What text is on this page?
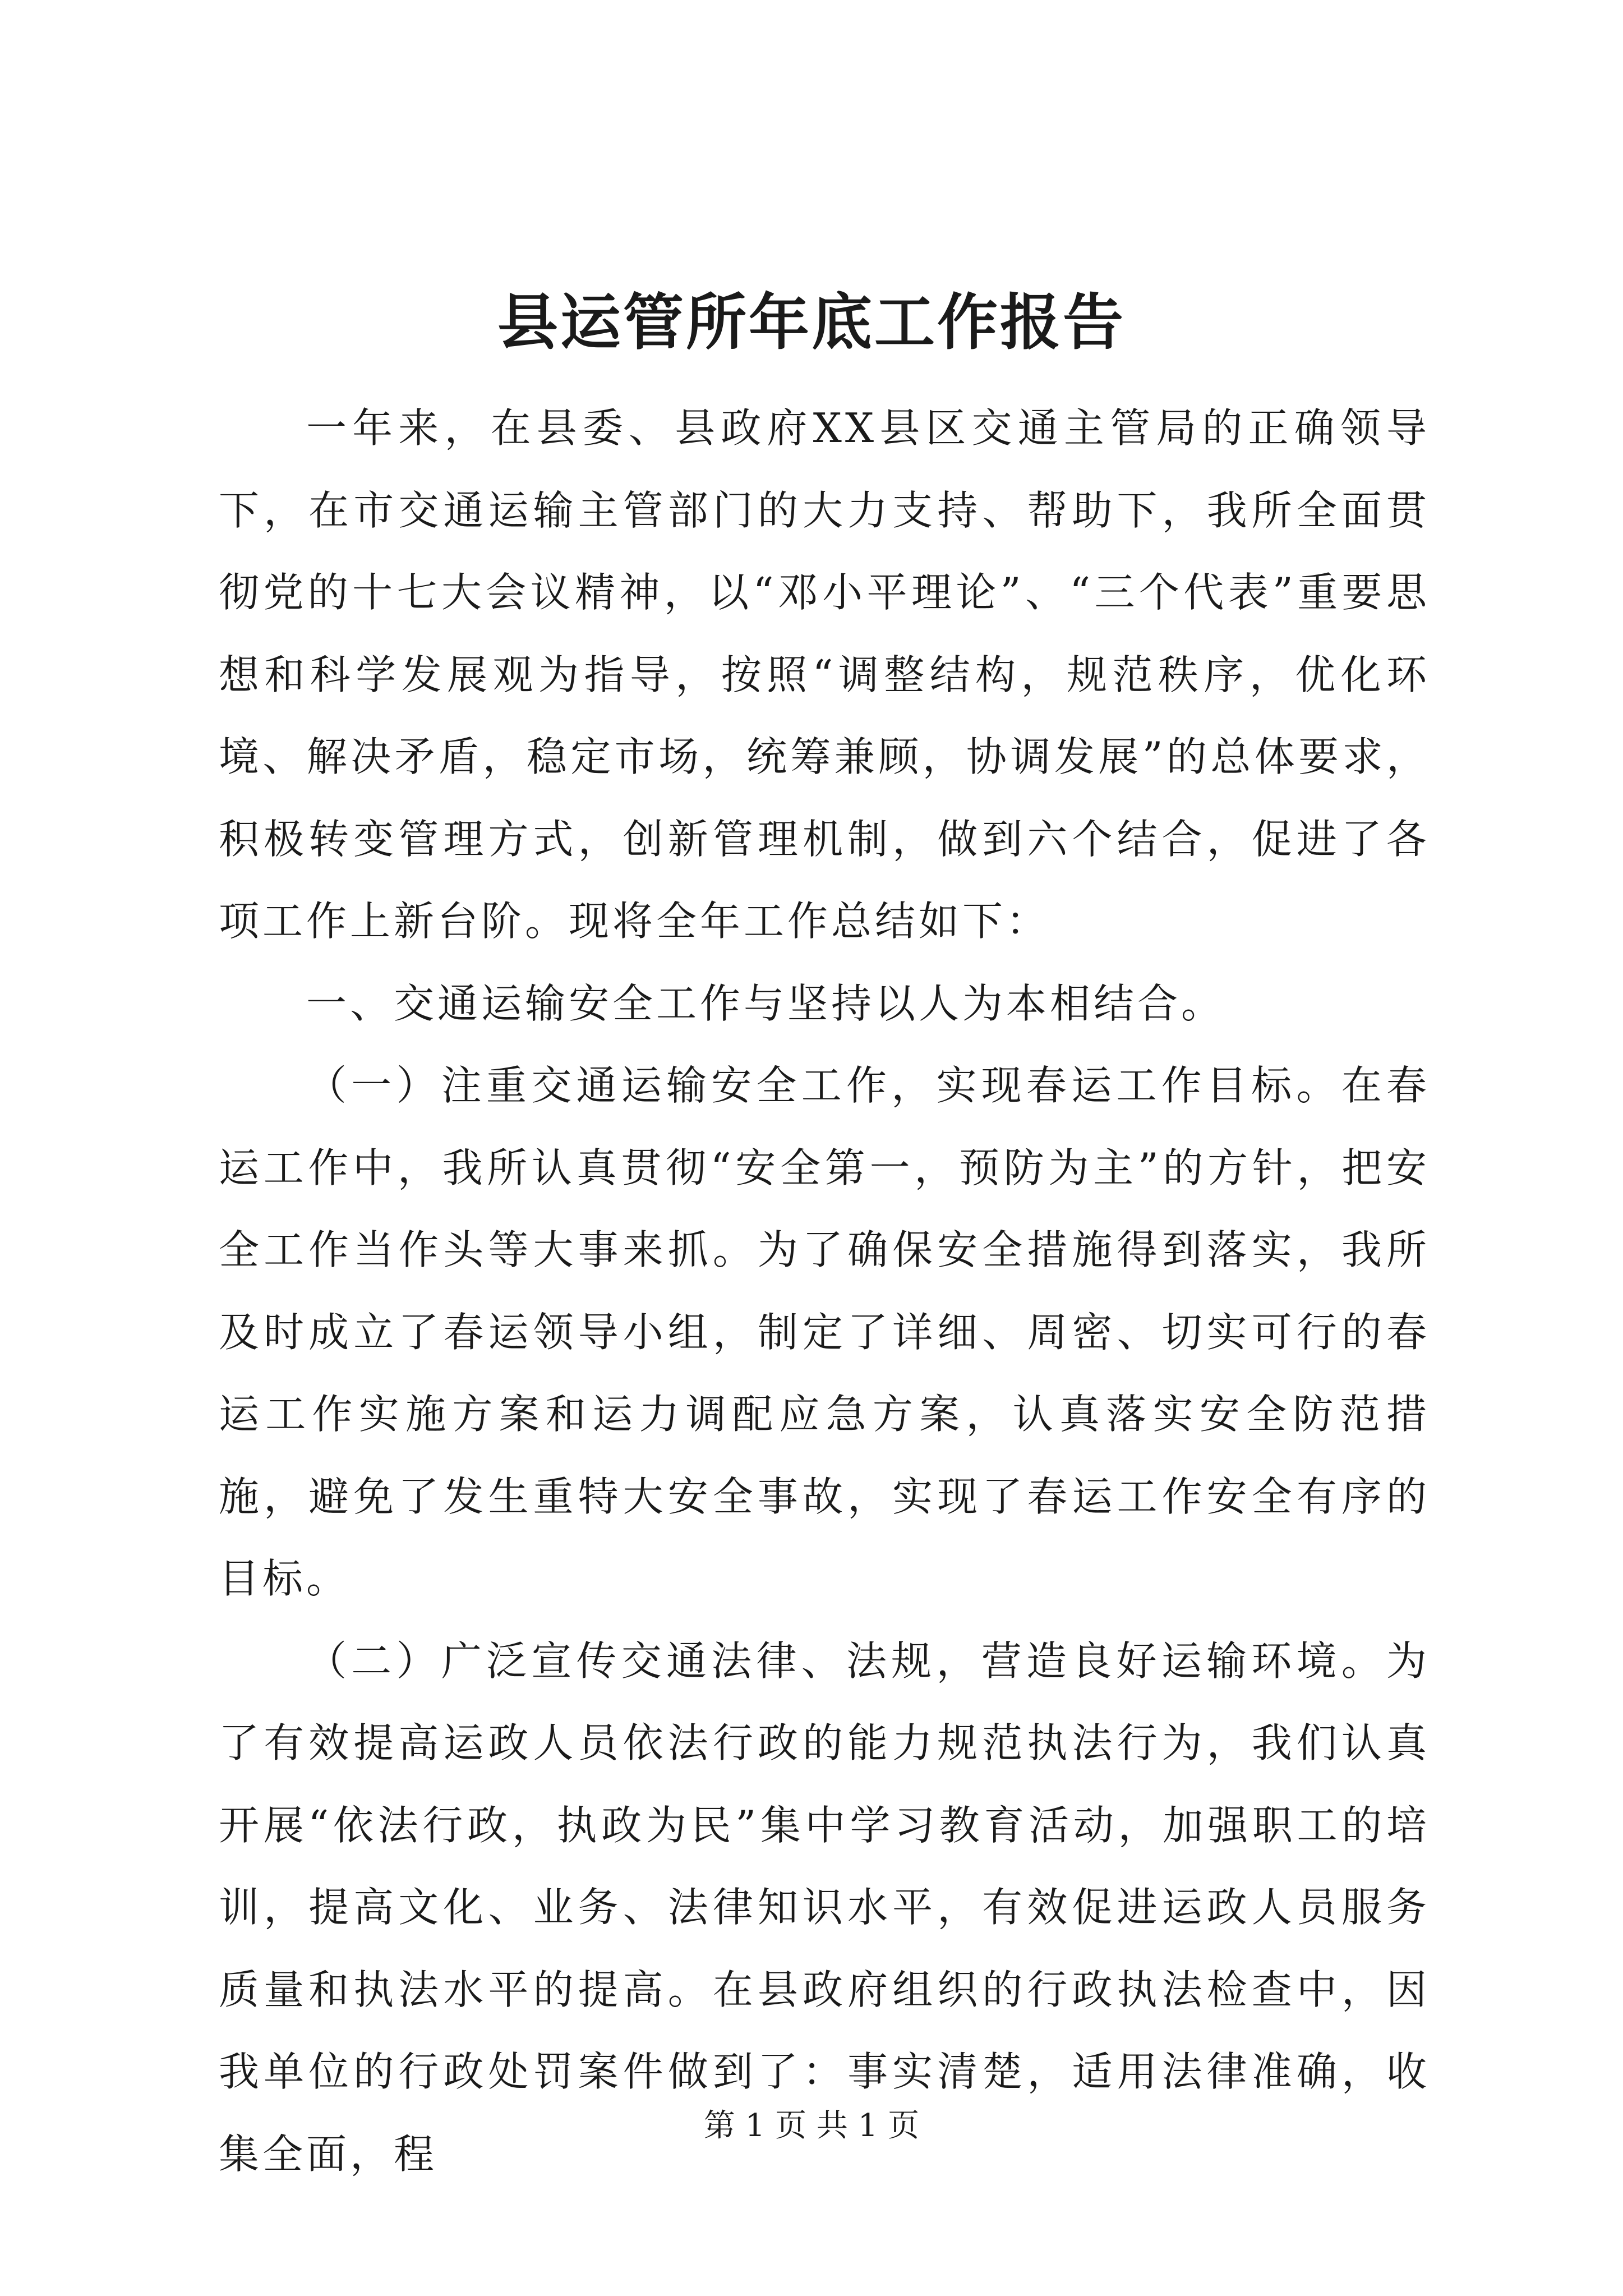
县运管所年底工作报告

一年来，在县委、县政府XX县区交通主管局的正确领导下，在市交通运输主管部门的大力支持、帮助下，我所全面贯彻党的十七大会议精神，以“邓小平理论”、“三个代表”重要思想和科学发展观为指导，按照“调整结构，规范秩序，优化环境、解决矛盾，稳定市场，统筹兼顾，协调发展”的总体要求，积极转变管理方式，创新管理机制，做到六个结合，促进了各项工作上新台阶。现将全年工作总结如下：

一、交通运输安全工作与坚持以人为本相结合。

（一）注重交通运输安全工作，实现春运工作目标。在春运工作中，我所认真贯彻“安全第一，预防为主”的方针，把安全工作当作头等大事来抓。为了确保安全措施得到落实，我所及时成立了春运领导小组，制定了详细、周密、切实可行的春运工作实施方案和运力调配应急方案，认真落实安全防范措施，避免了发生重特大安全事故，实现了春运工作安全有序的目标。

（二）广泛宣传交通法律、法规，营造良好运输环境。为了有效提高运政人员依法行政的能力规范执法行为，我们认真开展“依法行政，执政为民”集中学习教育活动，加强职工的培训，提高文化、业务、法律知识水平，有效促进运政人员服务质量和执法水平的提高。在县政府组织的行政执法检查中，因我单位的行政处罚案件做到了：事实清楚，适用法律准确，收集全面，程

第 1 页 共 1 页
